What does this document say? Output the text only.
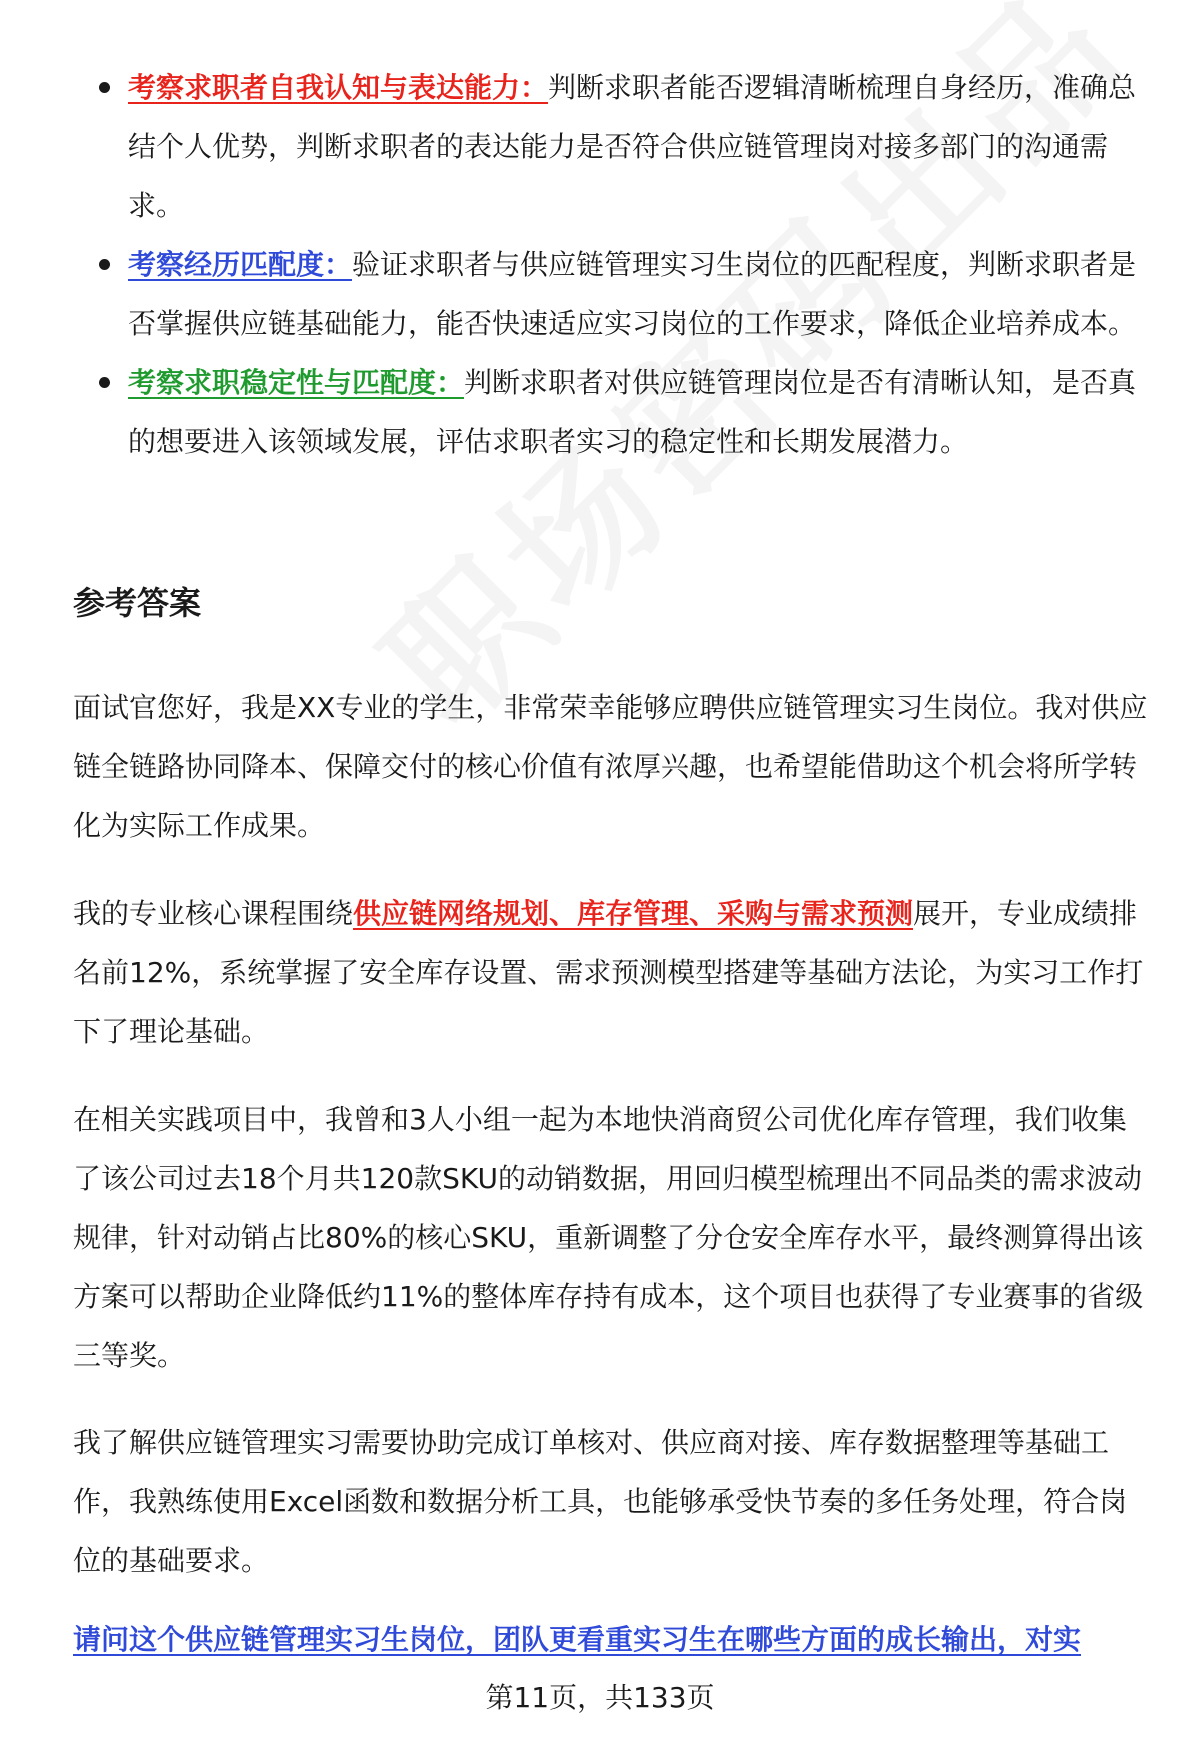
考察求职者自我认知与表达能力：判断求职者能否逻辑清晰梳理自身经历，准确总结个人优势，判断求职者的表达能力是否符合供应链管理岗对接多部门的沟通需求。
考察经历匹配度：验证求职者与供应链管理实习生岗位的匹配程度，判断求职者是否掌握供应链基础能力，能否快速适应实习岗位的工作要求，降低企业培养成本。
考察求职稳定性与匹配度：判断求职者对供应链管理岗位是否有清晰认知，是否真的想要进入该领域发展，评估求职者实习的稳定性和长期发展潜力。
参考答案

面试官您好，我是XX专业的学生，非常荣幸能够应聘供应链管理实习生岗位。我对供应链全链路协同降本、保障交付的核心价值有浓厚兴趣，也希望能借助这个机会将所学转化为实际工作成果。

我的专业核心课程围绕供应链网络规划、库存管理、采购与需求预测展开，专业成绩排名前12%，系统掌握了安全库存设置、需求预测模型搭建等基础方法论，为实习工作打下了理论基础。

在相关实践项目中，我曾和3人小组一起为本地快消商贸公司优化库存管理，我们收集了该公司过去18个月共120款SKU的动销数据，用回归模型梳理出不同品类的需求波动规律，针对动销占比80%的核心SKU，重新调整了分仓安全库存水平，最终测算得出该方案可以帮助企业降低约11%的整体库存持有成本，这个项目也获得了专业赛事的省级三等奖。

我了解供应链管理实习需要协助完成订单核对、供应商对接、库存数据整理等基础工作，我熟练使用Excel函数和数据分析工具，也能够承受快节奏的多任务处理，符合岗位的基础要求。

请问这个供应链管理实习生岗位，团队更看重实习生在哪些方面的成长输出，对实
第11页，共133页
